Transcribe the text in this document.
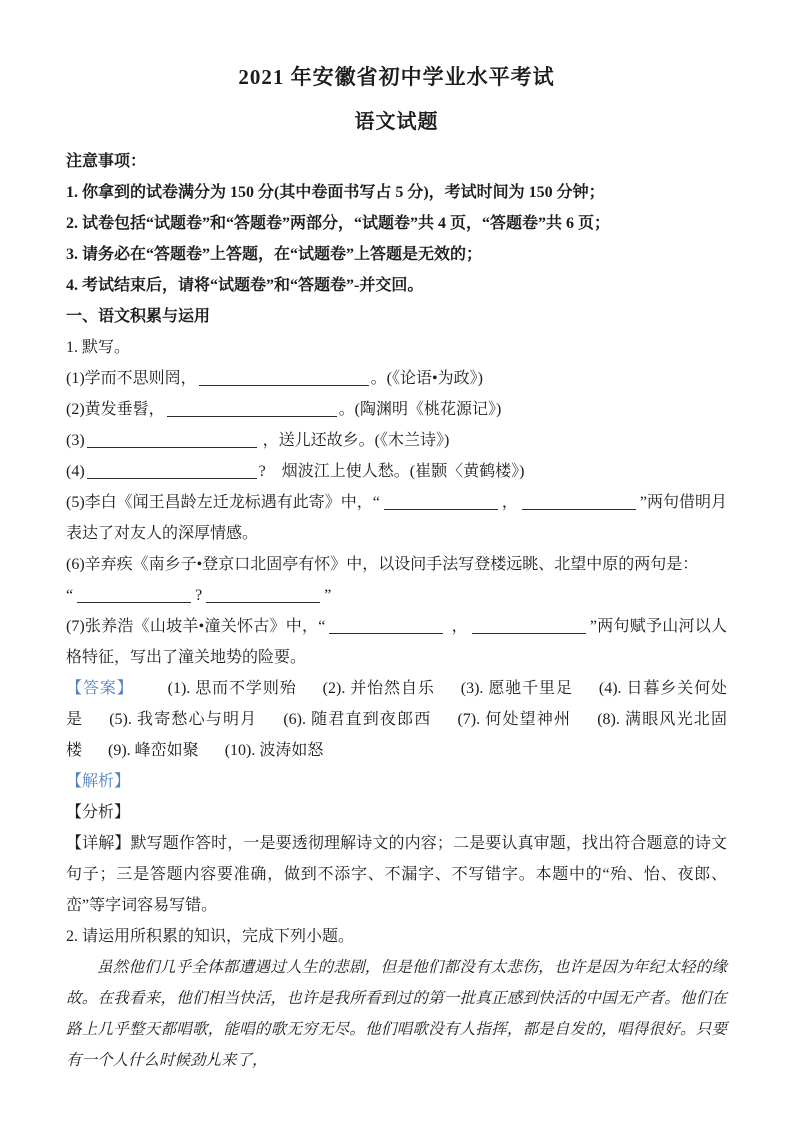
2021 年安徽省初中学业水平考试
语文试题

注意事项：

1. 你拿到的试卷满分为 150 分(其中卷面书写占 5 分)，考试时间为 150 分钟；

2. 试卷包括“试题卷”和“答题卷”两部分，“试题卷”共 4 页，“答题卷”共 6 页；

3. 请务必在“答题卷”上答题，在“试题卷”上答题是无效的；

4. 考试结束后，请将“试题卷”和“答题卷”-并交回。

一、语文积累与运用

1. 默写。

(1)学而不思则罔，	。(《论语•为政》)

(2)黄发垂髫，	。(陶渊明《桃花源记》)

(3)	，送儿还故乡。(《木兰诗》)

(4)	?　烟波江上使人愁。(崔颢〈黄鹤楼》)

(5)李白《闻王昌龄左迁龙标遇有此寄》中，“	，	”两句借明月表达了对友人的深厚情感。

(6)辛弃疾《南乡子•登京口北固亭有怀》中，以设问手法写登楼远眺、北望中原的两句是：

“	?	”

(7)张养浩《山坡羊•潼关怀古》中，“	，	”两句赋予山河以人格特征，写出了潼关地势的险要。

【答案】 (1). 思而不学则殆 (2). 并怡然自乐 (3). 愿驰千里足 (4). 日暮乡关何处是 (5). 我寄愁心与明月 (6). 随君直到夜郎西 (7). 何处望神州 (8). 满眼风光北固楼 (9). 峰峦如聚 (10). 波涛如怒

【解析】

【分析】

【详解】默写题作答时，一是要透彻理解诗文的内容；二是要认真审题，找出符合题意的诗文句子；三是答题内容要准确，做到不添字、不漏字、不写错字。本题中的“殆、怡、夜郎、峦”等字词容易写错。

2. 请运用所积累的知识，完成下列小题。

虽然他们几乎全体都遭遇过人生的悲剧，但是他们都没有太悲伤，也许是因为年纪太轻的缘故。在我看来，他们相当快活，也许是我所看到过的第一批真正感到快活的中国无产者。他们在路上几乎整天都唱歌，能唱的歌无穷无尽。他们唱歌没有人指挥，都是自发的，唱得很好。只要有一个人什么时候劲 •儿来了，
